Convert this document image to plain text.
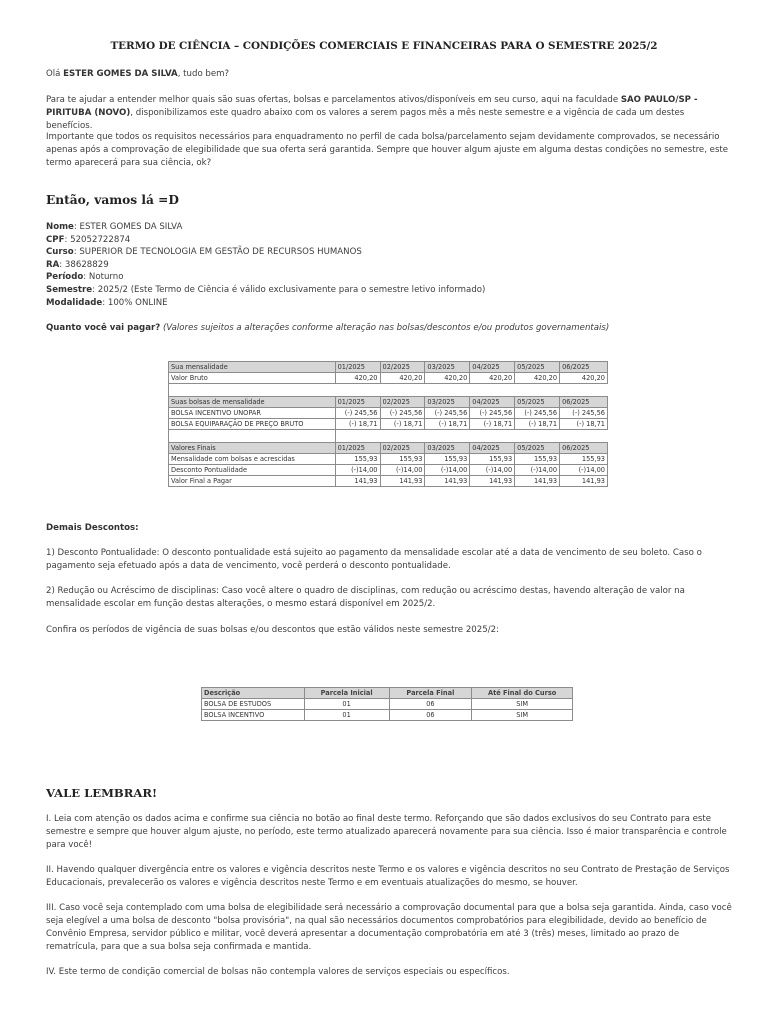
TERMO DE CIÊNCIA – CONDIÇÕES COMERCIAIS E FINANCEIRAS PARA O SEMESTRE 2025/2

Olá ESTER GOMES DA SILVA, tudo bem?

Para te ajudar a entender melhor quais são suas ofertas, bolsas e parcelamentos ativos/disponíveis em seu curso, aqui na faculdade SAO PAULO/SP - PIRITUBA (NOVO), disponibilizamos este quadro abaixo com os valores a serem pagos mês a mês neste semestre e a vigência de cada um destes benefícios.

Importante que todos os requisitos necessários para enquadramento no perfil de cada bolsa/parcelamento sejam devidamente comprovados, se necessário apenas após a comprovação de elegibilidade que sua oferta será garantida. Sempre que houver algum ajuste em alguma destas condições no semestre, este termo aparecerá para sua ciência, ok?

Então, vamos lá =D
Nome: ESTER GOMES DA SILVA
CPF: 52052722874
Curso: SUPERIOR DE TECNOLOGIA EM GESTÃO DE RECURSOS HUMANOS
RA: 38628829
Período: Noturno
Semestre: 2025/2 (Este Termo de Ciência é válido exclusivamente para o semestre letivo informado)
Modalidade: 100% ONLINE

Quanto você vai pagar? (Valores sujeitos a alterações conforme alteração nas bolsas/descontos e/ou produtos governamentais)

Sua mensalidade	01/2025	02/2025	03/2025	04/2025	05/2025	06/2025
Valor Bruto	420,20	420,20	420,20	420,20	420,20	420,20

Suas bolsas de mensalidade	01/2025	02/2025	03/2025	04/2025	05/2025	06/2025
BOLSA INCENTIVO UNOPAR	(-) 245,56	(-) 245,56	(-) 245,56	(-) 245,56	(-) 245,56	(-) 245,56
BOLSA EQUIPARAÇÃO DE PREÇO BRUTO	(-) 18,71	(-) 18,71	(-) 18,71	(-) 18,71	(-) 18,71	(-) 18,71

Valores Finais	01/2025	02/2025	03/2025	04/2025	05/2025	06/2025
Mensalidade com bolsas e acrescidas	155,93	155,93	155,93	155,93	155,93	155,93
Desconto Pontualidade	(-)14,00	(-)14,00	(-)14,00	(-)14,00	(-)14,00	(-)14,00
Valor Final a Pagar	141,93	141,93	141,93	141,93	141,93	141,93

Demais Descontos:

1) Desconto Pontualidade: O desconto pontualidade está sujeito ao pagamento da mensalidade escolar até a data de vencimento de seu boleto. Caso o pagamento seja efetuado após a data de vencimento, você perderá o desconto pontualidade.

2) Redução ou Acréscimo de disciplinas: Caso você altere o quadro de disciplinas, com redução ou acréscimo destas, havendo alteração de valor na mensalidade escolar em função destas alterações, o mesmo estará disponível em 2025/2.

Confira os períodos de vigência de suas bolsas e/ou descontos que estão válidos neste semestre 2025/2:

Descrição	Parcela Inicial	Parcela Final	Até Final do Curso
BOLSA DE ESTUDOS	01	06	SIM
BOLSA INCENTIVO	01	06	SIM
VALE LEMBRAR!

I. Leia com atenção os dados acima e confirme sua ciência no botão ao final deste termo. Reforçando que são dados exclusivos do seu Contrato para este semestre e sempre que houver algum ajuste, no período, este termo atualizado aparecerá novamente para sua ciência. Isso é maior transparência e controle para você!

II. Havendo qualquer divergência entre os valores e vigência descritos neste Termo e os valores e vigência descritos no seu Contrato de Prestação de Serviços Educacionais, prevalecerão os valores e vigência descritos neste Termo e em eventuais atualizações do mesmo, se houver.

III. Caso você seja contemplado com uma bolsa de elegibilidade será necessário a comprovação documental para que a bolsa seja garantida. Ainda, caso você seja elegível a uma bolsa de desconto "bolsa provisória", na qual são necessários documentos comprobatórios para elegibilidade, devido ao benefício de Convênio Empresa, servidor público e militar, você deverá apresentar a documentação comprobatória em até 3 (três) meses, limitado ao prazo de rematrícula, para que a sua bolsa seja confirmada e mantida.

IV. Este termo de condição comercial de bolsas não contempla valores de serviços especiais ou específicos.
